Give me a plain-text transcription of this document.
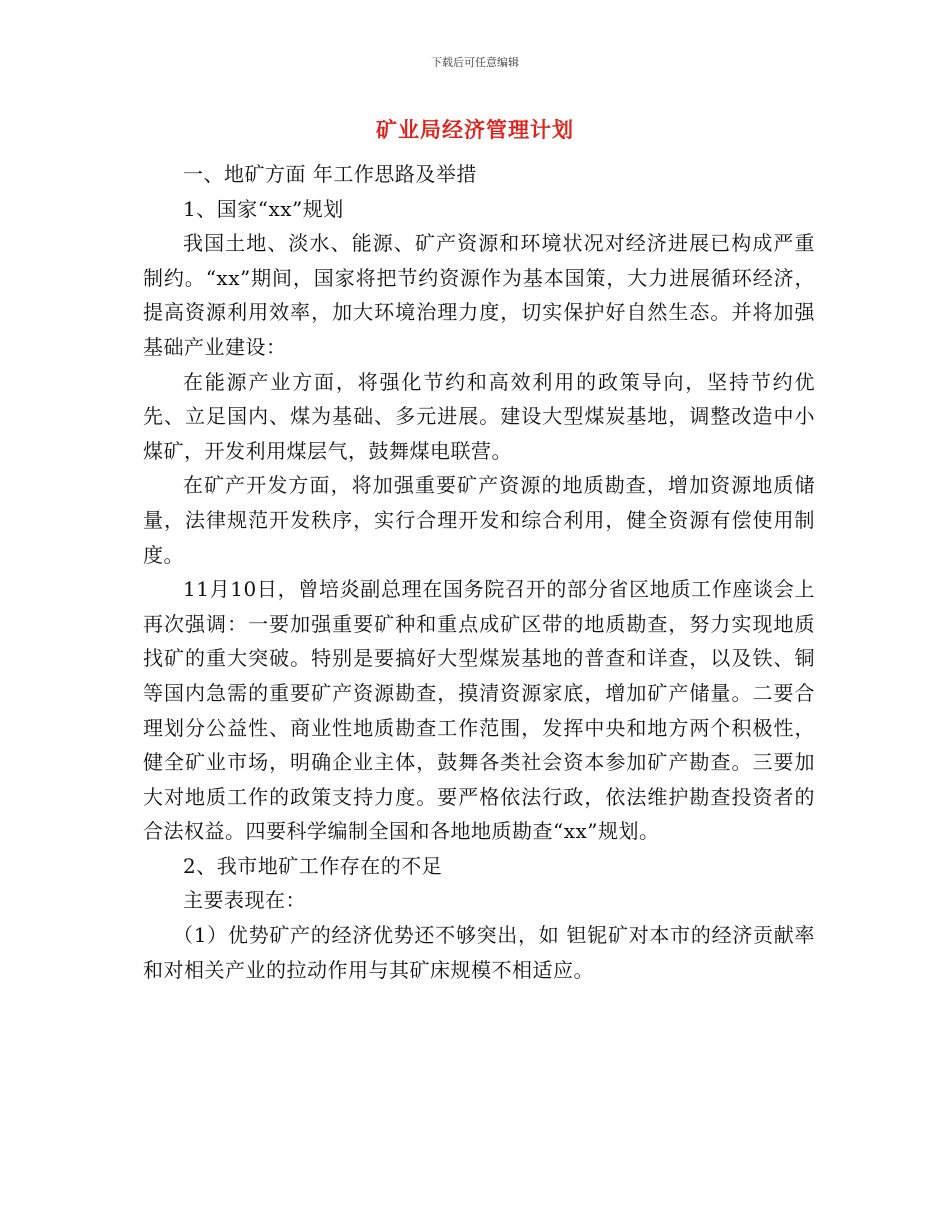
下载后可任意编辑
矿业局经济管理计划

一、地矿方面 年工作思路及举措

1、国家“xx”规划

我国土地、淡水、能源、矿产资源和环境状况对经济进展已构成严重制约。“xx”期间，国家将把节约资源作为基本国策，大力进展循环经济，提高资源利用效率，加大环境治理力度，切实保护好自然生态。并将加强基础产业建设：

在能源产业方面，将强化节约和高效利用的政策导向，坚持节约优先、立足国内、煤为基础、多元进展。建设大型煤炭基地，调整改造中小煤矿，开发利用煤层气，鼓舞煤电联营。

在矿产开发方面，将加强重要矿产资源的地质勘查，增加资源地质储量，法律规范开发秩序，实行合理开发和综合利用，健全资源有偿使用制度。

11月10日，曾培炎副总理在国务院召开的部分省区地质工作座谈会上再次强调：一要加强重要矿种和重点成矿区带的地质勘查，努力实现地质找矿的重大突破。特别是要搞好大型煤炭基地的普查和详查，以及铁、铜等国内急需的重要矿产资源勘查，摸清资源家底，增加矿产储量。二要合理划分公益性、商业性地质勘查工作范围，发挥中央和地方两个积极性，健全矿业市场，明确企业主体，鼓舞各类社会资本参加矿产勘查。三要加大对地质工作的政策支持力度。要严格依法行政，依法维护勘查投资者的合法权益。四要科学编制全国和各地地质勘查“xx”规划。

2、我市地矿工作存在的不足

主要表现在：

（1）优势矿产的经济优势还不够突出，如 钽铌矿对本市的经济贡献率和对相关产业的拉动作用与其矿床规模不相适应。
